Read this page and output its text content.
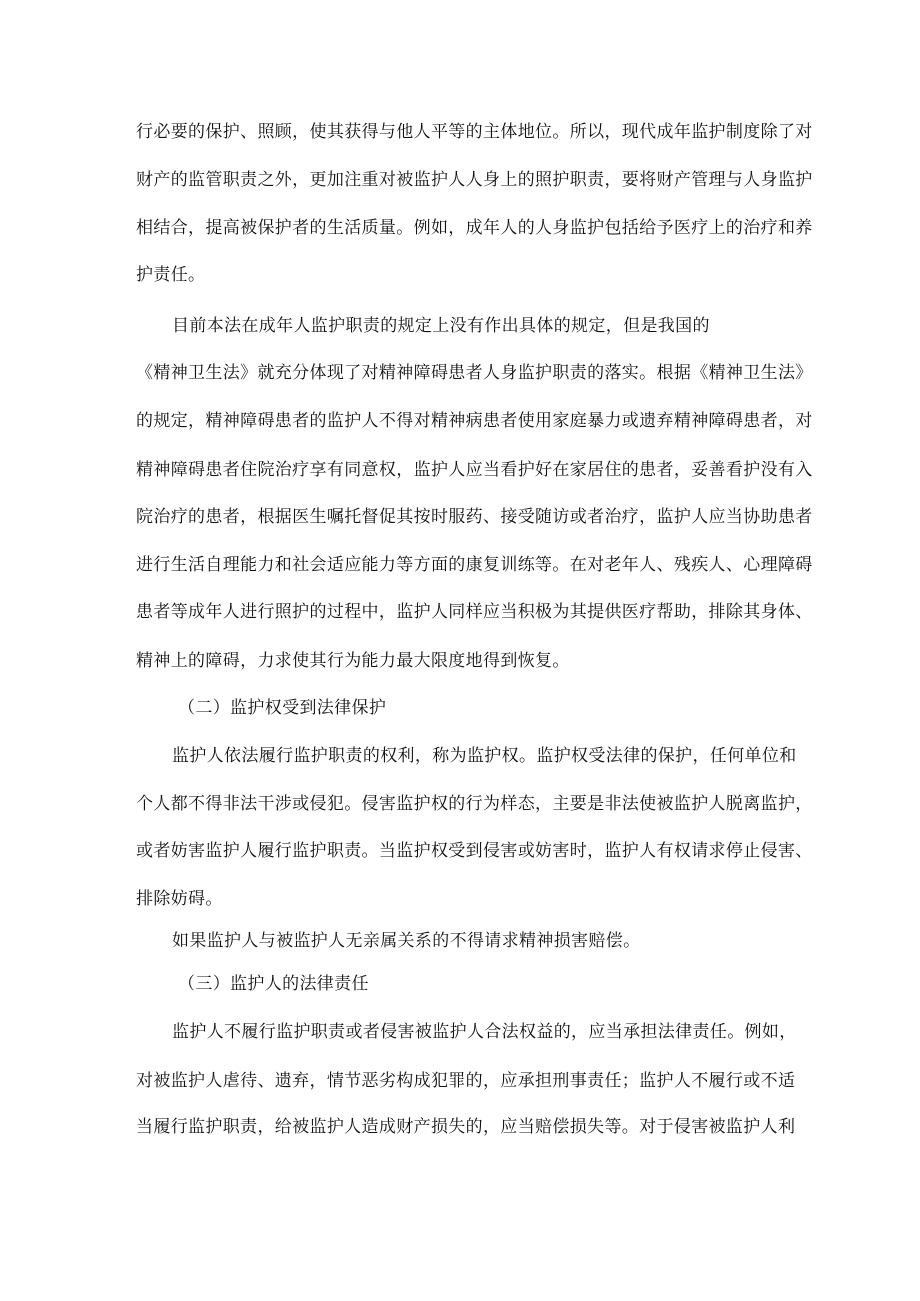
行必要的保护、照顾，使其获得与他人平等的主体地位。所以，现代成年监护制度除了对
财产的监管职责之外，更加注重对被监护人人身上的照护职责，要将财产管理与人身监护
相结合，提高被保护者的生活质量。例如，成年人的人身监护包括给予医疗上的治疗和养
护责任。
目前本法在成年人监护职责的规定上没有作出具体的规定，但是我国的
《精神卫生法》就充分体现了对精神障碍患者人身监护职责的落实。根据《精神卫生法》
的规定，精神障碍患者的监护人不得对精神病患者使用家庭暴力或遗弃精神障碍患者，对
精神障碍患者住院治疗享有同意权，监护人应当看护好在家居住的患者，妥善看护没有入
院治疗的患者，根据医生嘱托督促其按时服药、接受随访或者治疗，监护人应当协助患者
进行生活自理能力和社会适应能力等方面的康复训练等。在对老年人、残疾人、心理障碍
患者等成年人进行照护的过程中，监护人同样应当积极为其提供医疗帮助，排除其身体、
精神上的障碍，力求使其行为能力最大限度地得到恢复。
（二）监护权受到法律保护
监护人依法履行监护职责的权利，称为监护权。监护权受法律的保护，任何单位和
个人都不得非法干涉或侵犯。侵害监护权的行为样态，主要是非法使被监护人脱离监护，
或者妨害监护人履行监护职责。当监护权受到侵害或妨害时，监护人有权请求停止侵害、
排除妨碍。
如果监护人与被监护人无亲属关系的不得请求精神损害赔偿。
（三）监护人的法律责任
监护人不履行监护职责或者侵害被监护人合法权益的，应当承担法律责任。例如，
对被监护人虐待、遗弃，情节恶劣构成犯罪的，应承担刑事责任；监护人不履行或不适
当履行监护职责，给被监护人造成财产损失的，应当赔偿损失等。对于侵害被监护人利
